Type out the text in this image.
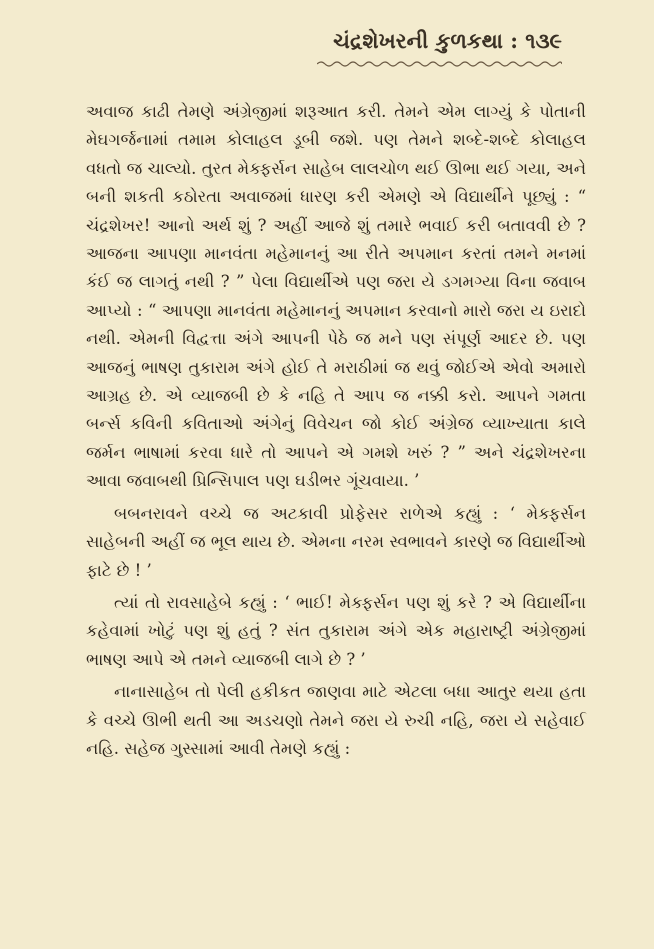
ચંદ્રશેખરની કુળકથા : ૧૩૯

અવાજ કાઢી તેમણે અંગ્રેજીમાં શરૂઆત કરી. તેમને એમ લાગ્યું કે પોતાની મેઘગર્જનામાં તમામ કોલાહલ ડૂબી જશે. પણ તેમને શબ્દે-શબ્દે કોલાહલ વધતો જ ચાલ્યો. તુરત મેક્ફર્સન સાહેબ લાલચોળ થઈ ઊભા થઈ ગયા, અને બની શકતી કઠોરતા અવાજમાં ધારણ કરી એમણે એ વિદ્યાર્થીને પૂછ્યું : “ ચંદ્રશેખર! આનો અર્થ શું ? અહીં આજે શું તમારે ભવાઈ કરી બતાવવી છે ? આજના આપણા માનવંતા મહેમાનનું આ રીતે અપમાન કરતાં તમને મનમાં કંઈ જ લાગતું નથી ? ” પેલા વિદ્યાર્થીએ પણ જરા યે ડગમગ્યા વિના જવાબ આપ્યો : “ આપણા માનવંતા મહેમાનનું અપમાન કરવાનો મારો જરા ય ઇરાદો નથી. એમની વિદ્વત્તા અંગે આપની પેઠે જ મને પણ સંપૂર્ણ આદર છે. પણ આજનું ભાષણ તુકારામ અંગે હોઈ તે મરાઠીમાં જ થવું જોઈએ એવો અમારો આગ્રહ છે. એ વ્યાજબી છે કે નહિ તે આપ જ નક્કી કરો. આપને ગમતા બર્ન્સ કવિની કવિતાઓ અંગેનું વિવેચન જો કોઈ અંગ્રેજ વ્યાખ્યાતા કાલે જર્મન ભાષામાં કરવા ધારે તો આપને એ ગમશે ખરું ? ” અને ચંદ્રશેખરના આવા જવાબથી પ્રિન્સિપાલ પણ ઘડીભર ગૂંચવાયા. ’

બબનરાવને વચ્ચે જ અટકાવી પ્રોફેસર રાળેએ કહ્યું : ‘ મેક્ફર્સન સાહેબની અહીં જ ભૂલ થાય છે. એમના નરમ સ્વભાવને કારણે જ વિદ્યાર્થીઓ ફાટે છે ! ’

ત્યાં તો રાવસાહેબે કહ્યું : ‘ ભાઈ! મેક્ફર્સન પણ શું કરે ? એ વિદ્યાર્થીના કહેવામાં ખોટું પણ શું હતું ? સંત તુકારામ અંગે એક મહારાષ્ટ્રી અંગ્રેજીમાં ભાષણ આપે એ તમને વ્યાજબી લાગે છે ? ’

નાનાસાહેબ તો પેલી હકીકત જાણવા માટે એટલા બધા આતુર થયા હતા કે વચ્ચે ઊભી થતી આ અડચણો તેમને જરા યે રુચી નહિ, જરા યે સહેવાઈ નહિ. સહેજ ગુસ્સામાં આવી તેમણે કહ્યું :
